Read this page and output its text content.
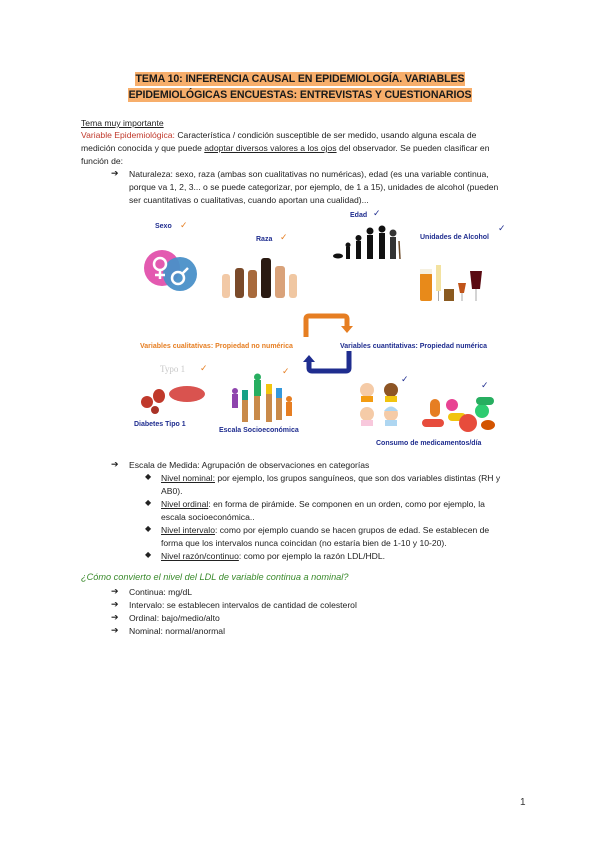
TEMA 10: INFERENCIA CAUSAL EN EPIDEMIOLOGÍA. VARIABLES
EPIDEMIOLÓGICAS ENCUESTAS: ENTREVISTAS Y CUESTIONARIOS
Tema muy importante
Variable Epidemiológica: Característica / condición susceptible de ser medido, usando alguna escala de
medición conocida y que puede adoptar diversos valores a los ojos del observador. Se pueden clasificar en
función de:
➔ Naturaleza: sexo, raza (ambas son cualitativas no numéricas), edad (es una variable continua,
porque va 1, 2, 3... o se puede categorizar, por ejemplo, de 1 a 15), unidades de alcohol (pueden
ser cuantitativas o cualitativas, cuando aportan una cualidad)...
Sexo ✓
Raza ✓
Edad ✓
Unidades de Alcohol
✓
Variables cualitativas: Propiedad no numérica	Variables cuantitativas: Propiedad numérica
Typo 1 ✓
Diabetes Tipo 1
✓
Escala Socioeconómica
✓
✓
Consumo de medicamentos/día
➔ Escala de Medida: Agrupación de observaciones en categorías
◆ Nivel nominal: por ejemplo, los grupos sanguíneos, que son dos variables distintas (RH y
AB0).
◆ Nivel ordinal: en forma de pirámide. Se componen en un orden, como por ejemplo, la
escala socioeconómica..
◆ Nivel intervalo: como por ejemplo cuando se hacen grupos de edad. Se establecen de
forma que los intervalos nunca coincidan (no estaría bien de 1-10 y 10-20).
◆ Nivel razón/continuo: como por ejemplo la razón LDL/HDL.
¿Cómo convierto el nivel del LDL de variable continua a nominal?
➔ Continua: mg/dL
➔ Intervalo: se establecen intervalos de cantidad de colesterol
➔ Ordinal: bajo/medio/alto
➔ Nominal: normal/anormal
1
